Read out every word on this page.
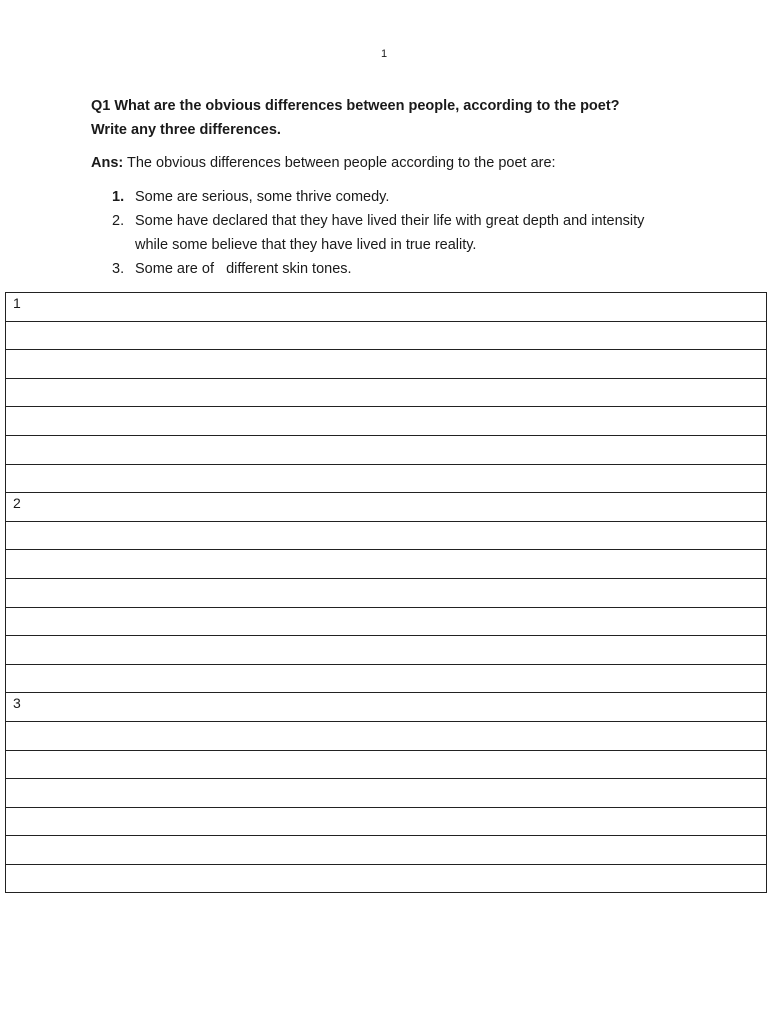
1

Q1 What are the obvious differences between people, according to the poet?
Write any three differences.

Ans: The obvious differences between people according to the poet are:

1. Some are serious, some thrive comedy.
2. Some have declared that they have lived their life with great depth and intensity while some believe that they have lived in true reality.
3. Some are of   different skin tones.
1

2

3
